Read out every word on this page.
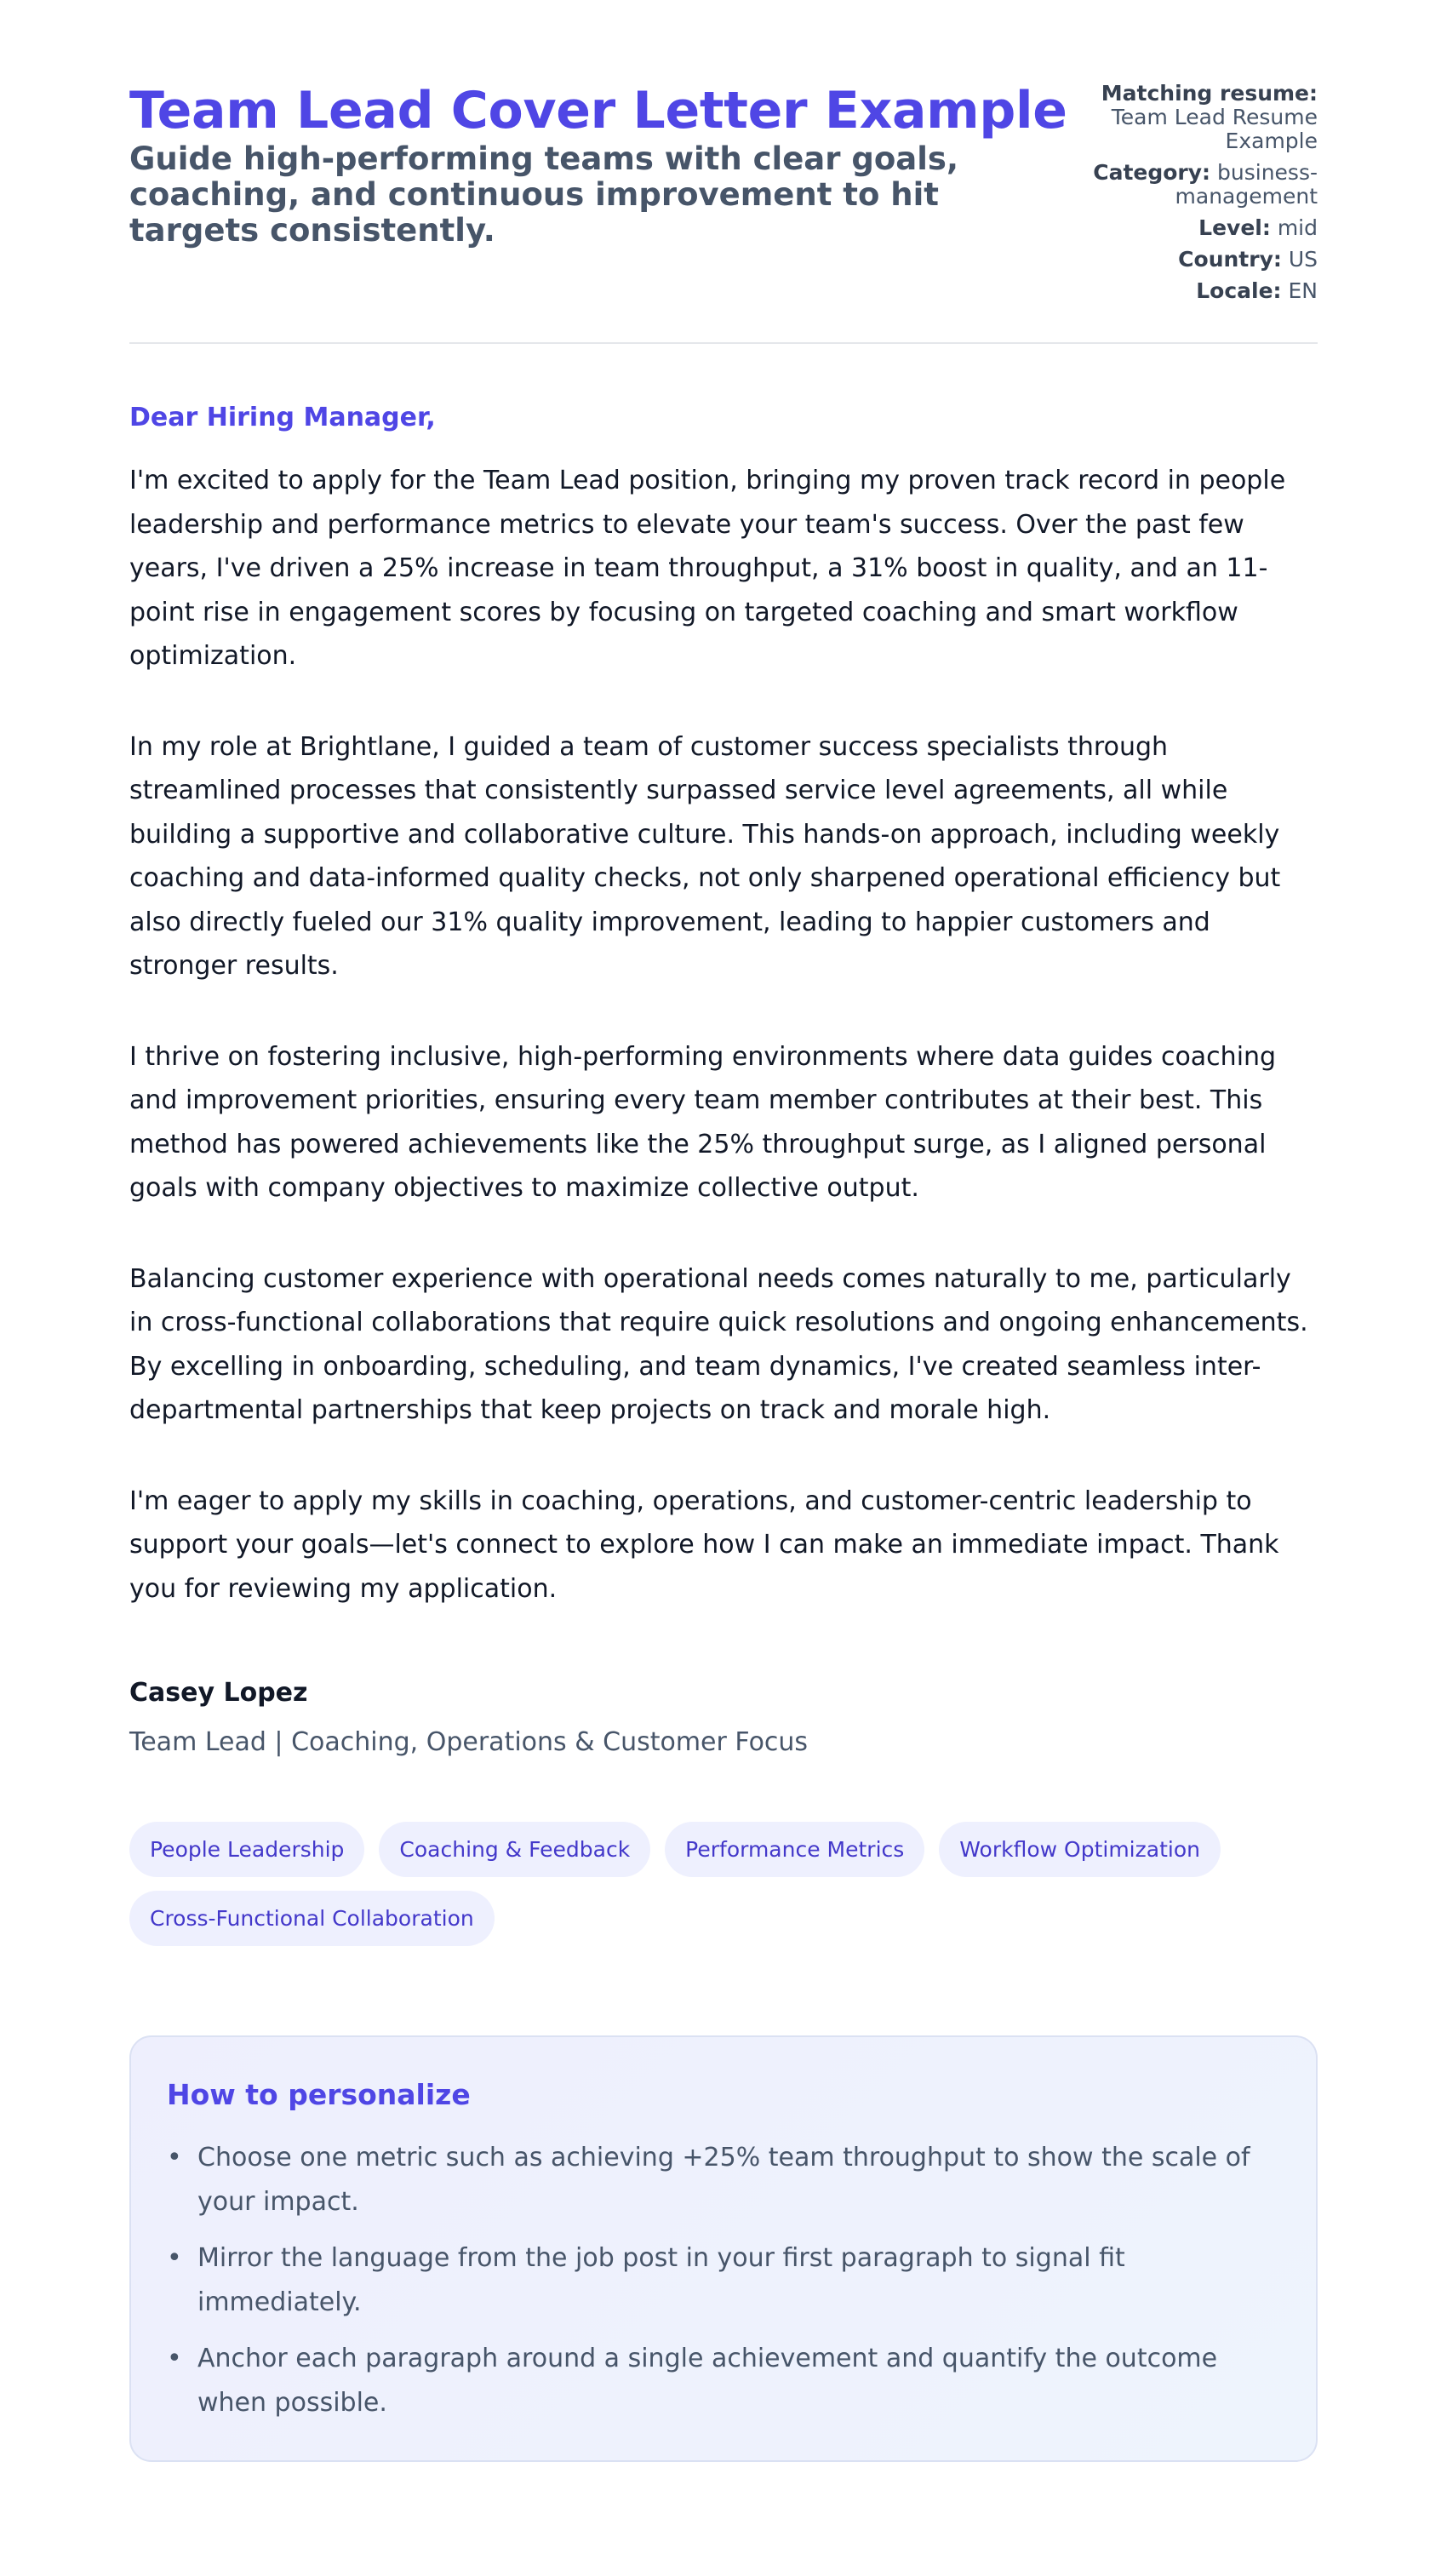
Team Lead Cover Letter Example
Guide high-performing teams with clear goals, coaching, and continuous improvement to hit targets consistently.
Matching resume:
Team Lead Resume Example
Category: business-management
Level: mid
Country: US
Locale: EN
Dear Hiring Manager,

I'm excited to apply for the Team Lead position, bringing my proven track record in people leadership and performance metrics to elevate your team's success. Over the past few years, I've driven a 25% increase in team throughput, a 31% boost in quality, and an 11-point rise in engagement scores by focusing on targeted coaching and smart workflow optimization.

In my role at Brightlane, I guided a team of customer success specialists through streamlined processes that consistently surpassed service level agreements, all while building a supportive and collaborative culture. This hands-on approach, including weekly coaching and data-informed quality checks, not only sharpened operational efficiency but also directly fueled our 31% quality improvement, leading to happier customers and stronger results.

I thrive on fostering inclusive, high-performing environments where data guides coaching and improvement priorities, ensuring every team member contributes at their best. This method has powered achievements like the 25% throughput surge, as I aligned personal goals with company objectives to maximize collective output.

Balancing customer experience with operational needs comes naturally to me, particularly in cross-functional collaborations that require quick resolutions and ongoing enhancements. By excelling in onboarding, scheduling, and team dynamics, I've created seamless inter-departmental partnerships that keep projects on track and morale high.

I'm eager to apply my skills in coaching, operations, and customer-centric leadership to support your goals—let's connect to explore how I can make an immediate impact. Thank you for reviewing my application.

Casey Lopez
Team Lead | Coaching, Operations & Customer Focus
People Leadership	Coaching & Feedback	Performance Metrics	Workflow Optimization
Cross-Functional Collaboration
How to personalize
• Choose one metric such as achieving +25% team throughput to show the scale of your impact.
• Mirror the language from the job post in your first paragraph to signal fit immediately.
• Anchor each paragraph around a single achievement and quantify the outcome when possible.
